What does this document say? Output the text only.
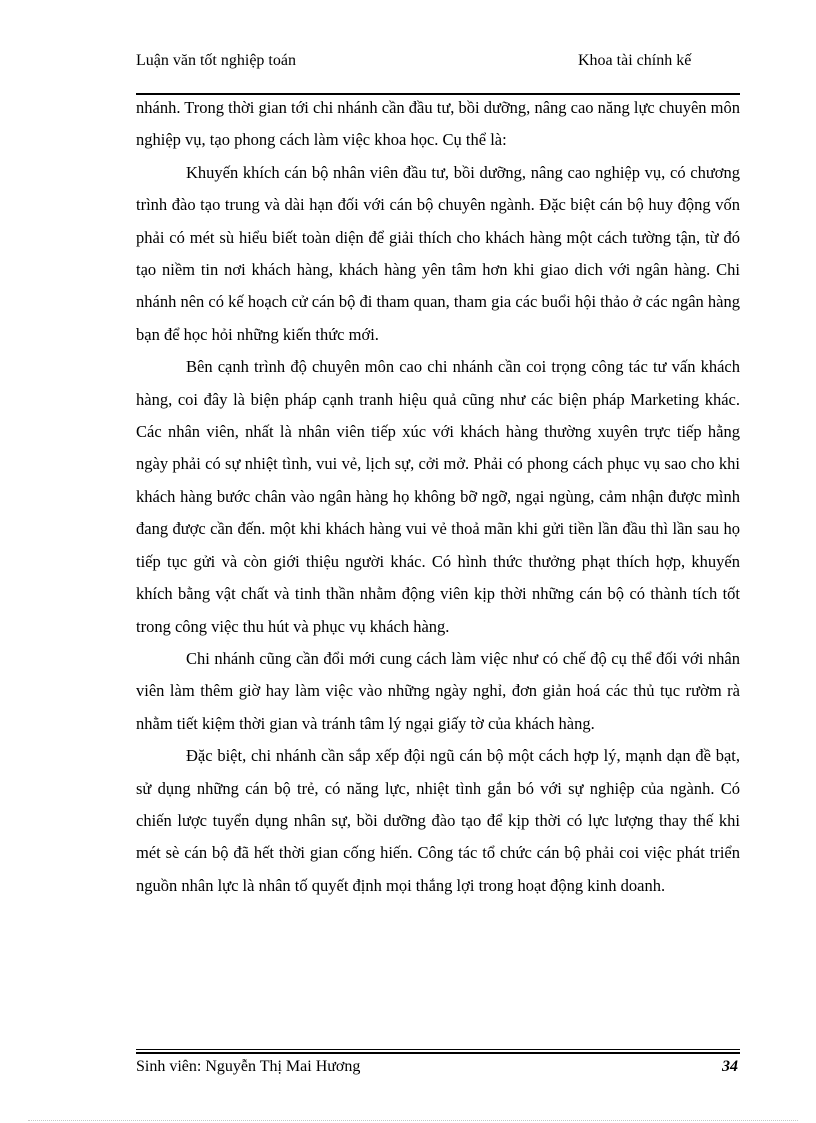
Luận văn tốt nghiệp toán	Khoa tài chính kế

nhánh. Trong thời gian tới chi nhánh cần đầu tư, bồi dưỡng, nâng cao năng lực chuyên môn nghiệp vụ, tạo phong cách làm việc khoa học. Cụ thể là:

Khuyến khích cán bộ nhân viên đầu tư, bồi dưỡng, nâng cao nghiệp vụ, có chương trình đào tạo trung và dài hạn đối với cán bộ chuyên ngành. Đặc biệt cán bộ huy động vốn phải có mét sù hiểu biết toàn diện để giải thích cho khách hàng một cách tường tận, từ đó tạo niềm tin nơi khách hàng, khách hàng yên tâm hơn khi giao dich với ngân hàng. Chi nhánh nên có kế hoạch cử cán bộ đi tham quan, tham gia các buổi hội thảo ở các ngân hàng bạn để học hỏi những kiến thức mới.

Bên cạnh trình độ chuyên môn cao chi nhánh cần coi trọng công tác tư vấn khách hàng, coi đây là biện pháp cạnh tranh hiệu quả cũng như các biện pháp Marketing khác. Các nhân viên, nhất là nhân viên tiếp xúc với khách hàng thường xuyên trực tiếp hằng ngày phải có sự nhiệt tình, vui vẻ, lịch sự, cởi mở. Phải có phong cách phục vụ sao cho khi khách hàng bước chân vào ngân hàng họ không bỡ ngỡ, ngại ngùng, cảm nhận được mình đang được cần đến. một khi khách hàng vui vẻ thoả mãn khi gửi tiền lần đầu thì lần sau họ tiếp tục gửi và còn giới thiệu người khác. Có hình thức thưởng phạt thích hợp, khuyến khích bằng vật chất và tinh thần nhằm động viên kịp thời những cán bộ có thành tích tốt trong công việc thu hút và phục vụ khách hàng.

Chi nhánh cũng cần đổi mới cung cách làm việc như có chế độ cụ thể đối với nhân viên làm thêm giờ hay làm việc vào những ngày nghỉ, đơn giản hoá các thủ tục rườm rà nhằm tiết kiệm thời gian và tránh tâm lý ngại giấy tờ của khách hàng.

Đặc biệt, chi nhánh cần sắp xếp đội ngũ cán bộ một cách hợp lý, mạnh dạn đề bạt, sử dụng những cán bộ trẻ, có năng lực, nhiệt tình gắn bó với sự nghiệp của ngành. Có chiến lược tuyển dụng nhân sự, bồi dưỡng đào tạo để kịp thời có lực lượng thay thế khi mét sè cán bộ đã hết thời gian cống hiến. Công tác tổ chức cán bộ phải coi việc phát triển nguồn nhân lực là nhân tố quyết định mọi thắng lợi trong hoạt động kinh doanh.

Sinh viên: Nguyễn Thị Mai Hương	34
